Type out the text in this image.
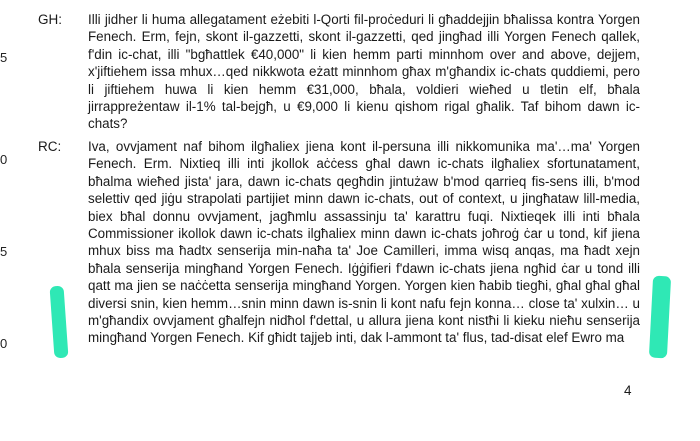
5
0
5
0
GH: Illi jidher li huma allegatament eżebiti l-Qorti fil-proċeduri li għaddejjin bħalissa kontra Yorgen Fenech. Erm, fejn, skont il-gazzetti, skont il-gazzetti, qed jingħad illi Yorgen Fenech qallek, f'din ic-chat, illi "bgħattlek €40,000" li kien hemm parti minnhom over and above, dejjem, x'jiftiehem issa mhux…qed nikkwota eżatt minnhom għax m'għandix ic-chats quddiemi, pero li jiftiehem huwa li kien hemm €31,000, bħala, voldieri wieħed u tletin elf, bħala jirrappreżentaw il-1% tal-bejgħ, u €9,000 li kienu qishom rigal għalik. Taf bihom dawn ic-chats?

RC: Iva, ovvjament naf bihom ilgħaliex jiena kont il-persuna illi nikkomunika ma'…ma' Yorgen Fenech. Erm. Nixtieq illi inti jkollok aċċess għal dawn ic-chats ilgħaliex sfortunatament, bħalma wieħed jista' jara, dawn ic-chats qegħdin jintużaw b'mod qarrieq fis-sens illi, b'mod selettiv qed jiġu strapolati partijiet minn dawn ic-chats, out of context, u jingħataw lill-media, biex bħal donnu ovvjament, jagħmlu assassinju ta' karattru fuqi. Nixtieqek illi inti bħala Commissioner ikollok dawn ic-chats ilgħaliex minn dawn ic-chats joħroġ ċar u tond, kif jiena mhux biss ma ħadtx senserija min-naħa ta' Joe Camilleri, imma wisq anqas, ma ħadt xejn bħala senserija mingħand Yorgen Fenech. Iġġifieri f'dawn ic-chats jiena ngħid ċar u tond illi qatt ma jien se naċċetta senserija mingħand Yorgen. Yorgen kien ħabib tiegħi, għal għal għal diversi snin, kien hemm…snin minn dawn is-snin li kont nafu fejn konna… close ta' xulxin… u m'għandix ovvjament għalfejn nidħol f'dettal, u allura jiena kont nistħi li kieku nieħu senserija mingħand Yorgen Fenech. Kif għidt tajjeb inti, dak l-ammont ta' flus, tad-disat elef Ewro ma

4
